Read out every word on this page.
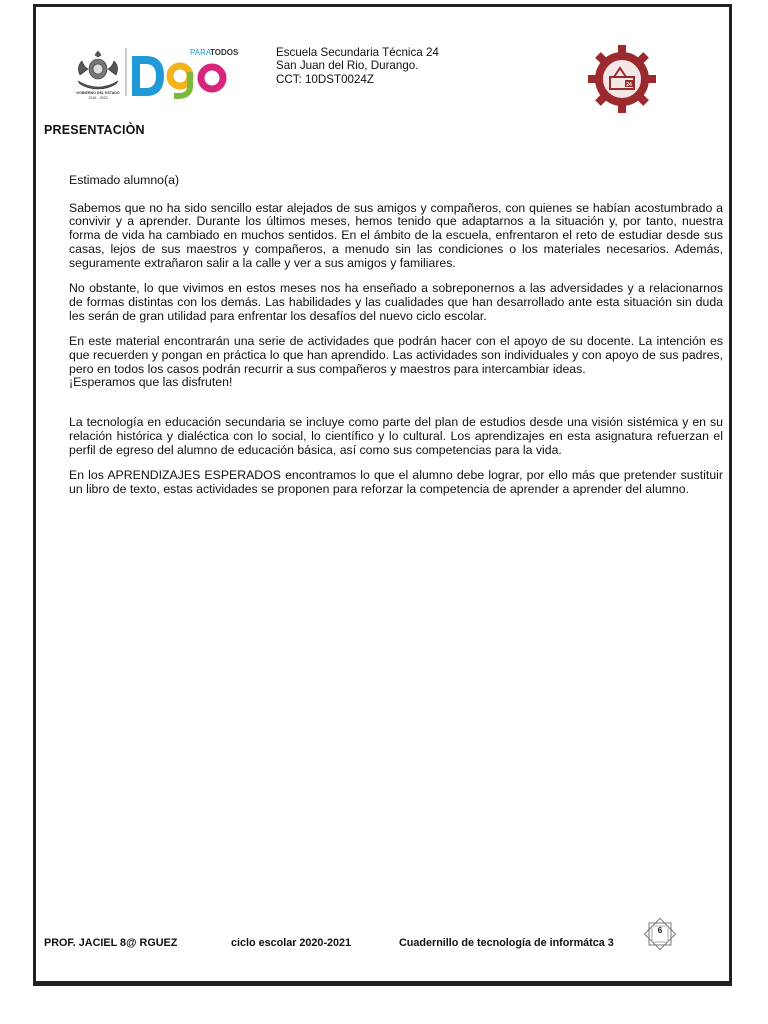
GOBIERNO DEL ESTADO
2016 - 2022
PARA
TODOS	Escuela Secundaria Técnica 24
San Juan del Rio, Durango.
CCT: 10DST0024Z	24
PRESENTACIÒN

Estimado alumno(a)

Sabemos que no ha sido sencillo estar alejados de sus amigos y compañeros, con quienes se habían acostumbrado a convivir y a aprender. Durante los últimos meses, hemos tenido que adaptarnos a la situación y, por tanto, nuestra forma de vida ha cambiado en muchos sentidos. En el ámbito de la escuela, enfrentaron el reto de estudiar desde sus casas, lejos de sus maestros y compañeros, a menudo sin las condiciones o los materiales necesarios. Además, seguramente extrañaron salir a la calle y ver a sus amigos y familiares.

No obstante, lo que vivimos en estos meses nos ha enseñado a sobreponernos a las adversidades y a relacionarnos de formas distintas con los demás. Las habilidades y las cualidades que han desarrollado ante esta situación sin duda les serán de gran utilidad para enfrentar los desafíos del nuevo ciclo escolar.

En este material encontrarán una serie de actividades que podrán hacer con el apoyo de su docente. La intención es que recuerden y pongan en práctica lo que han aprendido. Las actividades son individuales y con apoyo de sus padres, pero en todos los casos podrán recurrir a sus compañeros y maestros para intercambiar ideas.

¡Esperamos que las disfruten!

La tecnología en educación secundaria se incluye como parte del plan de estudios desde una visión sistémica y en su relación histórica y dialéctica con lo social, lo científico y lo cultural. Los aprendizajes en esta asignatura refuerzan el perfil de egreso del alumno de educación básica, así como sus competencias para la vida.

En los APRENDIZAJES ESPERADOS encontramos lo que el alumno debe lograr, por ello más que pretender sustituir un libro de texto, estas actividades se proponen para reforzar la competencia de aprender a aprender del alumno.

PROF. JACIEL 8@ RGUEZ	ciclo escolar 2020-2021	Cuadernillo de tecnología de informátca 3
6
